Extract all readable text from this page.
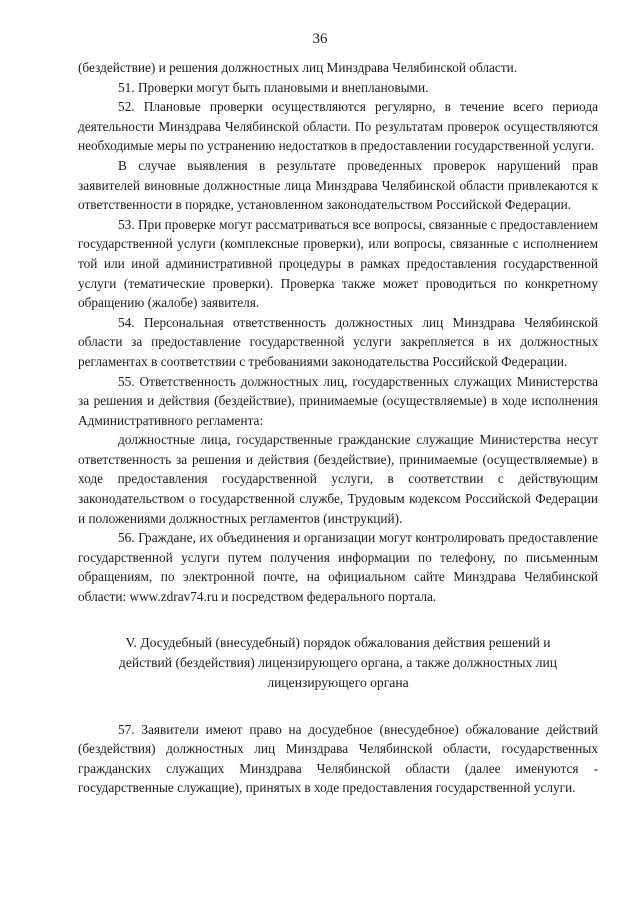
36

(бездействие) и решения должностных лиц Минздрава Челябинской области.

51. Проверки могут быть плановыми и внеплановыми.

52. Плановые проверки осуществляются регулярно, в течение всего периода деятельности Минздрава Челябинской области. По результатам проверок осуществляются необходимые меры по устранению недостатков в предоставлении государственной услуги.

В случае выявления в результате проведенных проверок нарушений прав заявителей виновные должностные лица Минздрава Челябинской области привлекаются к ответственности в порядке, установленном законодательством Российской Федерации.

53. При проверке могут рассматриваться все вопросы, связанные с предоставлением государственной услуги (комплексные проверки), или вопросы, связанные с исполнением той или иной административной процедуры в рамках предоставления государственной услуги (тематические проверки). Проверка также может проводиться по конкретному обращению (жалобе) заявителя.

54. Персональная ответственность должностных лиц Минздрава Челябинской области за предоставление государственной услуги закрепляется в их должностных регламентах в соответствии с требованиями законодательства Российской Федерации.

55. Ответственность должностных лиц, государственных служащих Министерства за решения и действия (бездействие), принимаемые (осуществляемые) в ходе исполнения Административного регламента:

должностные лица, государственные гражданские служащие Министерства несут ответственность за решения и действия (бездействие), принимаемые (осуществляемые) в ходе предоставления государственной услуги, в соответствии с действующим законодательством о государственной службе, Трудовым кодексом Российской Федерации и положениями должностных регламентов (инструкций).

56. Граждане, их объединения и организации могут контролировать предоставление государственной услуги путем получения информации по телефону, по письменным обращениям, по электронной почте, на официальном сайте Минздрава Челябинской области: www.zdrav74.ru и посредством федерального портала.

V. Досудебный (внесудебный) порядок обжалования действия решений и
действий (бездействия) лицензирующего органа, а также должностных лиц
лицензирующего органа

57. Заявители имеют право на досудебное (внесудебное) обжалование действий (бездействия) должностных лиц Минздрава Челябинской области, государственных гражданских служащих Минздрава Челябинской области (далее именуются - государственные служащие), принятых в ходе предоставления государственной услуги.
